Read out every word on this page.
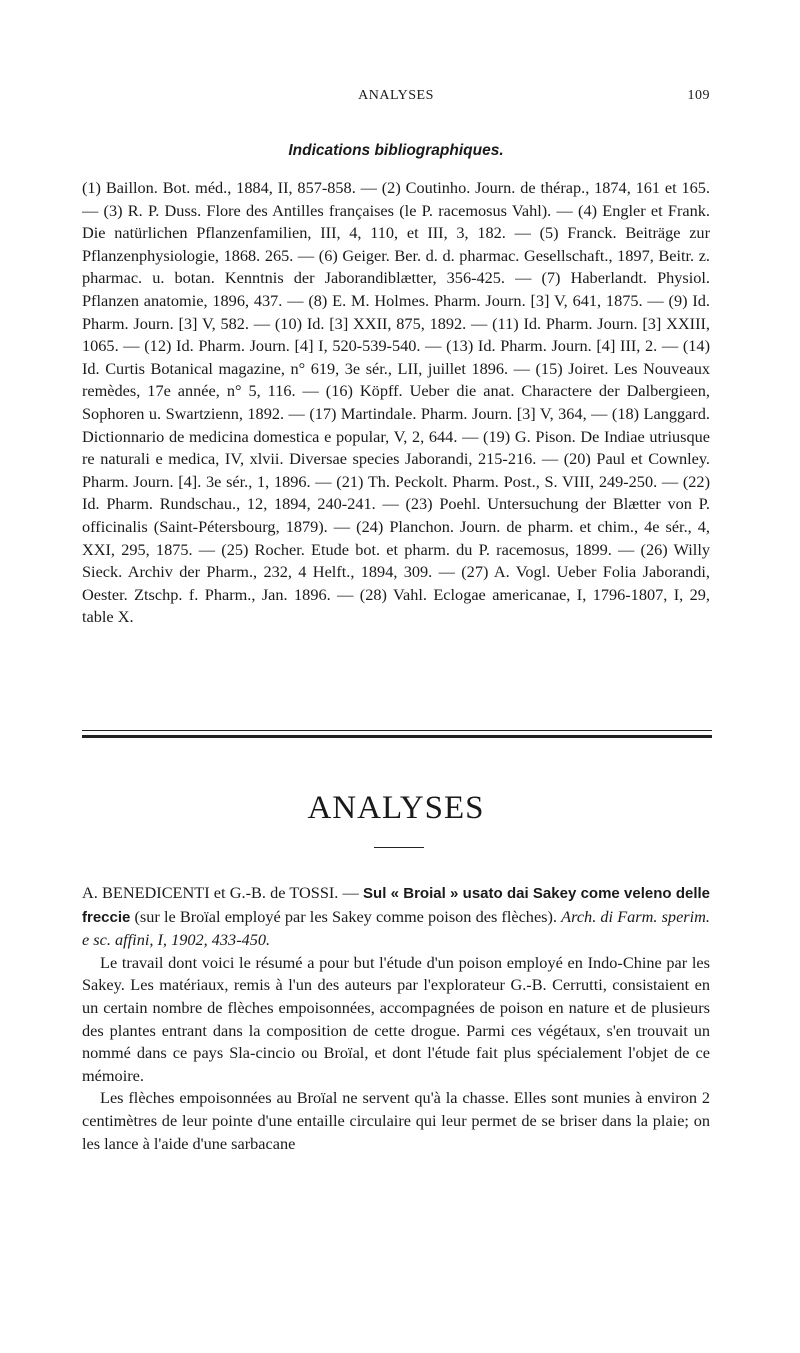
ANALYSES	109
Indications bibliographiques.

(1) Baillon. Bot. méd., 1884, II, 857-858. — (2) Coutinho. Journ. de thérap., 1874, 161 et 165. — (3) R. P. Duss. Flore des Antilles françaises (le P. racemosus Vahl). — (4) Engler et Frank. Die natürlichen Pflanzenfamilien, III, 4, 110, et III, 3, 182. — (5) Franck. Beiträge zur Pflanzenphysiologie, 1868. 265. — (6) Geiger. Ber. d. d. pharmac. Gesellschaft., 1897, Beitr. z. pharmac. u. botan. Kenntnis der Jaborandiblætter, 356-425. — (7) Haberlandt. Physiol. Pflanzen anatomie, 1896, 437. — (8) E. M. Holmes. Pharm. Journ. [3] V, 641, 1875. — (9) Id. Pharm. Journ. [3] V, 582. — (10) Id. [3] XXII, 875, 1892. — (11) Id. Pharm. Journ. [3] XXIII, 1065. — (12) Id. Pharm. Journ. [4] I, 520-539-540. — (13) Id. Pharm. Journ. [4] III, 2. — (14) Id. Curtis Botanical magazine, n° 619, 3e sér., LII, juillet 1896. — (15) Joiret. Les Nouveaux remèdes, 17e année, n° 5, 116. — (16) Köpff. Ueber die anat. Charactere der Dalbergieen, Sophoren u. Swartzienn, 1892. — (17) Martindale. Pharm. Journ. [3] V, 364, — (18) Langgard. Dictionnario de medicina domestica e popular, V, 2, 644. — (19) G. Pison. De Indiae utriusque re naturali e medica, IV, xlvii. Diversae species Jaborandi, 215-216. — (20) Paul et Cownley. Pharm. Journ. [4]. 3e sér., 1, 1896. — (21) Th. Peckolt. Pharm. Post., S. VIII, 249-250. — (22) Id. Pharm. Rundschau., 12, 1894, 240-241. — (23) Poehl. Untersuchung der Blætter von P. officinalis (Saint-Pétersbourg, 1879). — (24) Planchon. Journ. de pharm. et chim., 4e sér., 4, XXI, 295, 1875. — (25) Rocher. Etude bot. et pharm. du P. racemosus, 1899. — (26) Willy Sieck. Archiv der Pharm., 232, 4 Helft., 1894, 309. — (27) A. Vogl. Ueber Folia Jaborandi, Oester. Ztschp. f. Pharm., Jan. 1896. — (28) Vahl. Eclogae americanae, I, 1796-1807, I, 29, table X.

ANALYSES

A. BENEDICENTI et G.-B. de TOSSI. — Sul « Broial » usato dai Sakey come veleno delle freccie (sur le Broïal employé par les Sakey comme poison des flèches). Arch. di Farm. sperim. e sc. affini, I, 1902, 433-450.

Le travail dont voici le résumé a pour but l'étude d'un poison employé en Indo-Chine par les Sakey. Les matériaux, remis à l'un des auteurs par l'explorateur G.-B. Cerrutti, consistaient en un certain nombre de flèches empoisonnées, accompagnées de poison en nature et de plusieurs des plantes entrant dans la composition de cette drogue. Parmi ces végétaux, s'en trouvait un nommé dans ce pays Sla-cincio ou Broïal, et dont l'étude fait plus spécialement l'objet de ce mémoire.

Les flèches empoisonnées au Broïal ne servent qu'à la chasse. Elles sont munies à environ 2 centimètres de leur pointe d'une entaille circulaire qui leur permet de se briser dans la plaie; on les lance à l'aide d'une sarbacane
